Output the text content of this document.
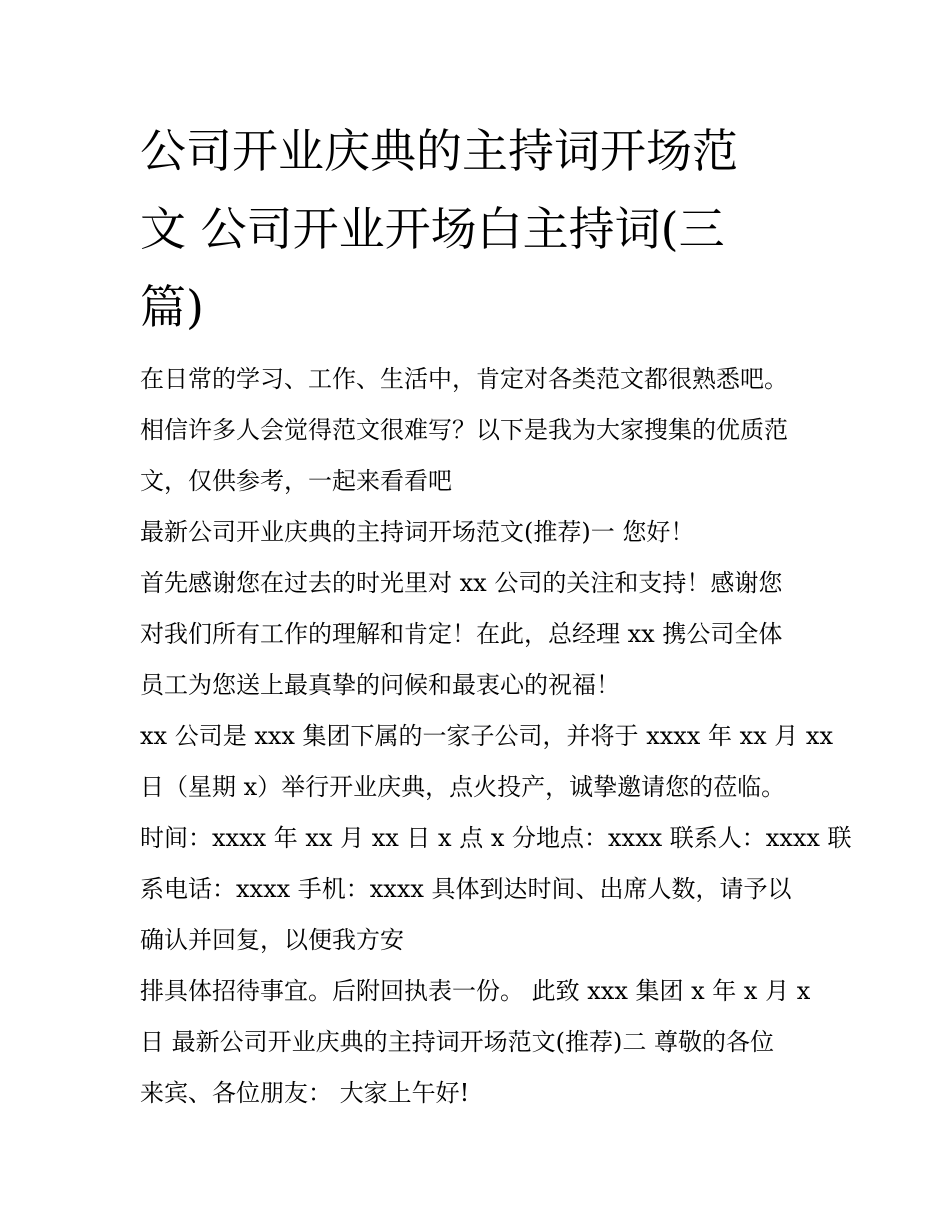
公司开业庆典的主持词开场范
文 公司开业开场白主持词(三
篇)
在日常的学习、工作、生活中，肯定对各类范文都很熟悉吧。
相信许多人会觉得范文很难写？以下是我为大家搜集的优质范
文，仅供参考，一起来看看吧
最新公司开业庆典的主持词开场范文(推荐)一 您好！
首先感谢您在过去的时光里对 xx 公司的关注和支持！感谢您
对我们所有工作的理解和肯定！在此，总经理 xx 携公司全体
员工为您送上最真挚的问候和最衷心的祝福！
xx 公司是 xxx 集团下属的一家子公司，并将于 xxxx 年 xx 月 xx
日（星期 x）举行开业庆典，点火投产，诚挚邀请您的莅临。
时间：xxxx 年 xx 月 xx 日 x 点 x 分地点：xxxx 联系人：xxxx 联
系电话：xxxx 手机：xxxx 具体到达时间、出席人数，请予以
确认并回复，以便我方安
排具体招待事宜。后附回执表一份。 此致 xxx 集团 x 年 x 月 x
日 最新公司开业庆典的主持词开场范文(推荐)二 尊敬的各位
来宾、各位朋友： 大家上午好!
